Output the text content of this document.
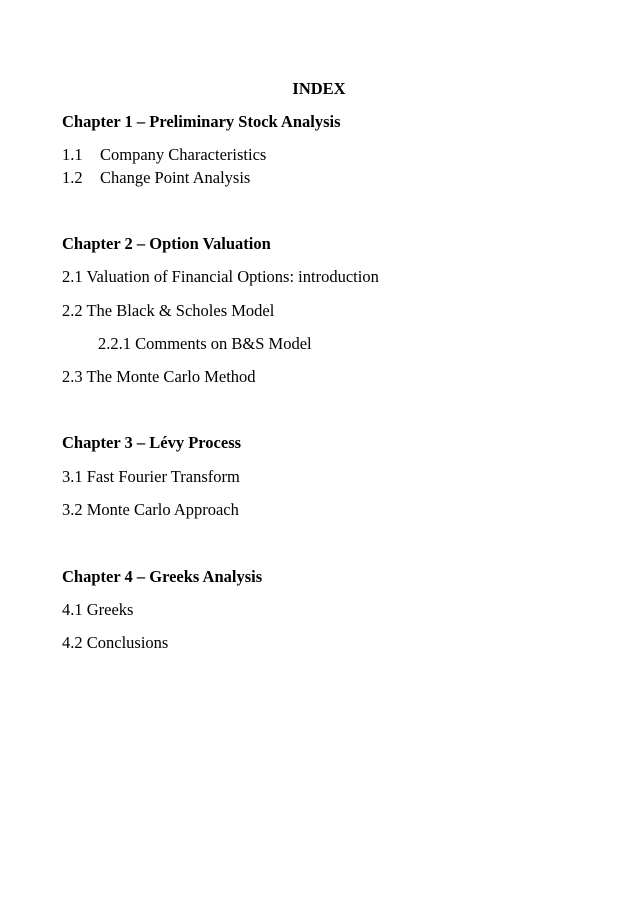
INDEX
Chapter 1 – Preliminary Stock Analysis
1.1 Company Characteristics
1.2 Change Point Analysis
Chapter 2 – Option Valuation
2.1 Valuation of Financial Options: introduction
2.2 The Black & Scholes Model
2.2.1 Comments on B&S Model
2.3 The Monte Carlo Method
Chapter 3 – Lévy Process
3.1 Fast Fourier Transform
3.2 Monte Carlo Approach
Chapter 4 – Greeks Analysis
4.1 Greeks
4.2 Conclusions
